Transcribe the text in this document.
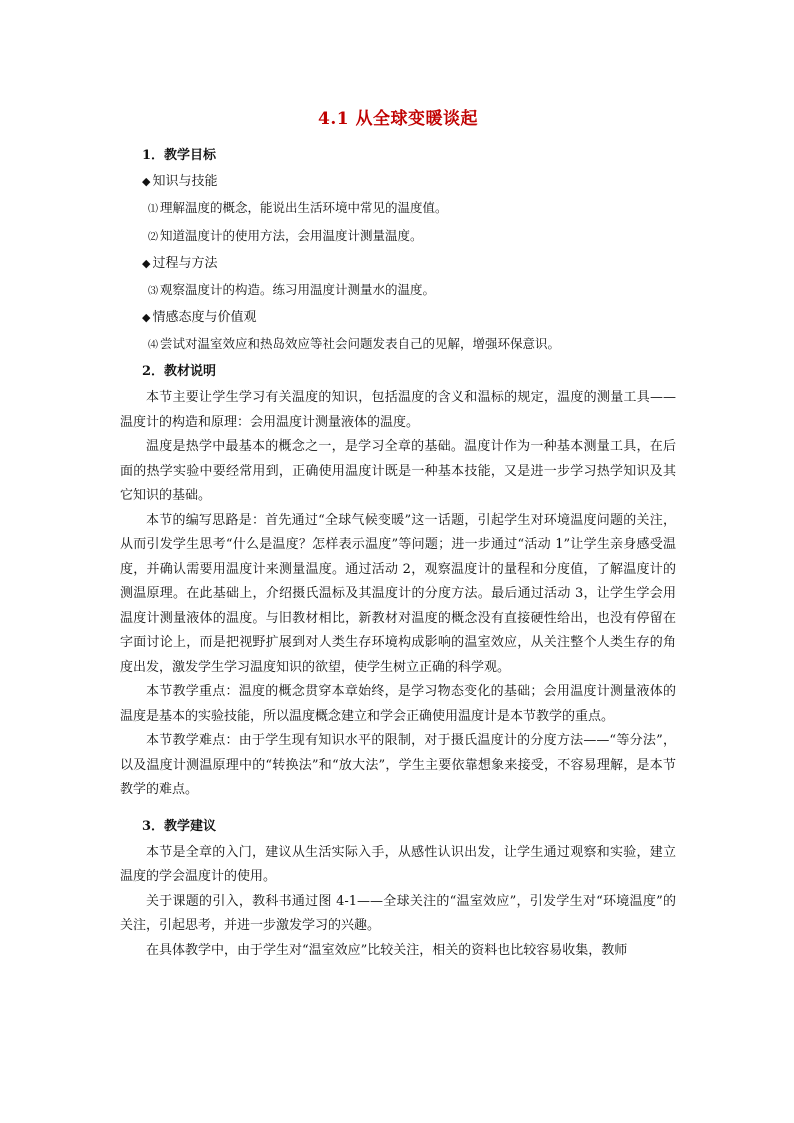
4.1 从全球变暖谈起
1．教学目标
◆ 知识与技能
⑴ 理解温度的概念，能说出生活环境中常见的温度值。
⑵ 知道温度计的使用方法，会用温度计测量温度。
◆ 过程与方法
⑶ 观察温度计的构造。练习用温度计测量水的温度。
◆ 情感态度与价值观
⑷ 尝试对温室效应和热岛效应等社会问题发表自己的见解，增强环保意识。
2．教材说明

本节主要让学生学习有关温度的知识，包括温度的含义和温标的规定，温度的测量工具——温度计的构造和原理：会用温度计测量液体的温度。

温度是热学中最基本的概念之一，是学习全章的基础。温度计作为一种基本测量工具，在后面的热学实验中要经常用到，正确使用温度计既是一种基本技能，又是进一步学习热学知识及其它知识的基础。

本节的编写思路是：首先通过“全球气候变暖”这一话题，引起学生对环境温度问题的关注，从而引发学生思考“什么是温度？怎样表示温度”等问题；进一步通过“活动 1”让学生亲身感受温度，并确认需要用温度计来测量温度。通过活动 2，观察温度计的量程和分度值，了解温度计的测温原理。在此基础上，介绍摄氏温标及其温度计的分度方法。最后通过活动 3，让学生学会用温度计测量液体的温度。与旧教材相比，新教材对温度的概念没有直接硬性给出，也没有停留在字面讨论上，而是把视野扩展到对人类生存环境构成影响的温室效应，从关注整个人类生存的角度出发，激发学生学习温度知识的欲望，使学生树立正确的科学观。

本节教学重点：温度的概念贯穿本章始终，是学习物态变化的基础；会用温度计测量液体的温度是基本的实验技能，所以温度概念建立和学会正确使用温度计是本节教学的重点。

本节教学难点：由于学生现有知识水平的限制，对于摄氏温度计的分度方法——“等分法”，以及温度计测温原理中的“转换法”和“放大法”，学生主要依靠想象来接受，不容易理解，是本节教学的难点。

3．教学建议

本节是全章的入门，建议从生活实际入手，从感性认识出发，让学生通过观察和实验，建立温度的学会温度计的使用。

关于课题的引入，教科书通过图 4-1——全球关注的“温室效应”，引发学生对“环境温度”的关注，引起思考，并进一步激发学习的兴趣。

在具体教学中，由于学生对“温室效应”比较关注，相关的资料也比较容易收集，教师
